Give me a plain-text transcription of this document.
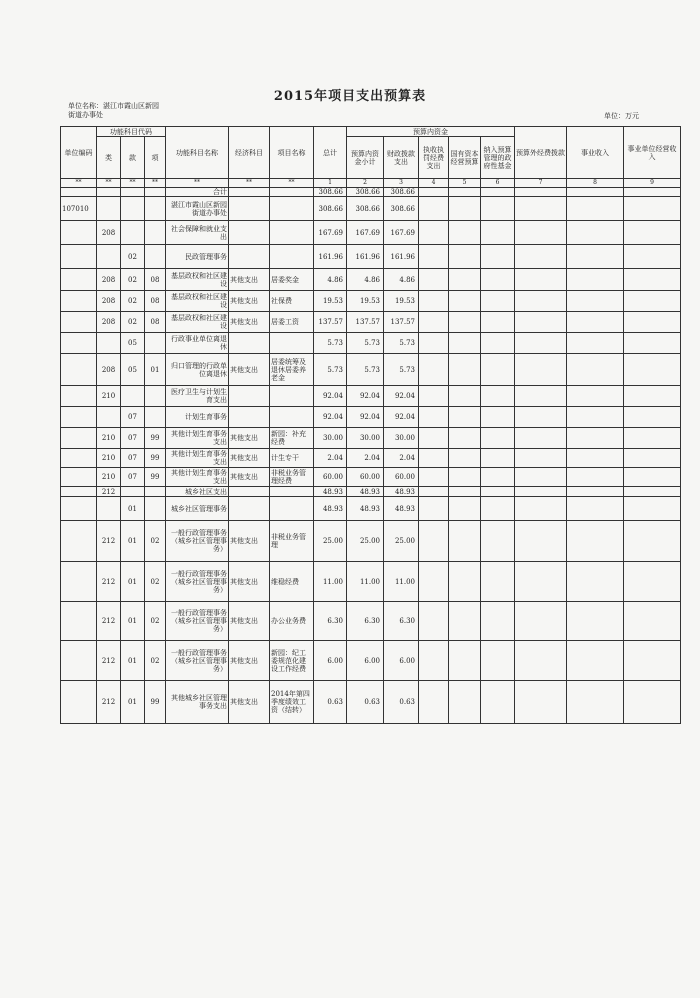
2015年项目支出预算表
单位名称：湛江市霞山区新园街道办事处	单位：万元
单位编码	功能科目代码			功能科目名称	经济科目	项目名称	总计	预算内资金					预算外经费拨款	事业收入	事业单位经营收入
	类	款	项					预算内资金小计	财政拨款支出	执收执罚经费支出	国有资本经营预算	纳入预算管理的政府性基金			
**	**	**	**	**	**	**	1	2	3	4	5	6	7	8	9
				合计			308.66	308.66	308.66						
107010				湛江市霞山区新园街道办事处			308.66	308.66	308.66						
	208			社会保障和就业支出			167.69	167.69	167.69						
		02		民政管理事务			161.96	161.96	161.96						
	208	02	08	基层政权和社区建设	其他支出	居委奖金	4.86	4.86	4.86						
	208	02	08	基层政权和社区建设	其他支出	社保费	19.53	19.53	19.53						
	208	02	08	基层政权和社区建设	其他支出	居委工资	137.57	137.57	137.57						
		05		行政事业单位离退休			5.73	5.73	5.73						
	208	05	01	归口管理的行政单位离退休	其他支出	居委统筹及退休居委养老金	5.73	5.73	5.73						
	210			医疗卫生与计划生育支出			92.04	92.04	92.04						
		07		计划生育事务			92.04	92.04	92.04						
	210	07	99	其他计划生育事务支出	其他支出	新园：补充经费	30.00	30.00	30.00						
	210	07	99	其他计划生育事务支出	其他支出	计生专干	2.04	2.04	2.04						
	210	07	99	其他计划生育事务支出	其他支出	非税业务管理经费	60.00	60.00	60.00						
	212			城乡社区支出			48.93	48.93	48.93						
		01		城乡社区管理事务			48.93	48.93	48.93						
	212	01	02	一般行政管理事务（城乡社区管理事务）	其他支出	非税业务管理	25.00	25.00	25.00						
	212	01	02	一般行政管理事务（城乡社区管理事务）	其他支出	维稳经费	11.00	11.00	11.00						
	212	01	02	一般行政管理事务（城乡社区管理事务）	其他支出	办公业务费	6.30	6.30	6.30						
	212	01	02	一般行政管理事务（城乡社区管理事务）	其他支出	新园：纪工委规范化建设工作经费	6.00	6.00	6.00						
	212	01	99	其他城乡社区管理事务支出	其他支出	2014年第四季度绩效工资（结转）	0.63	0.63	0.63						
